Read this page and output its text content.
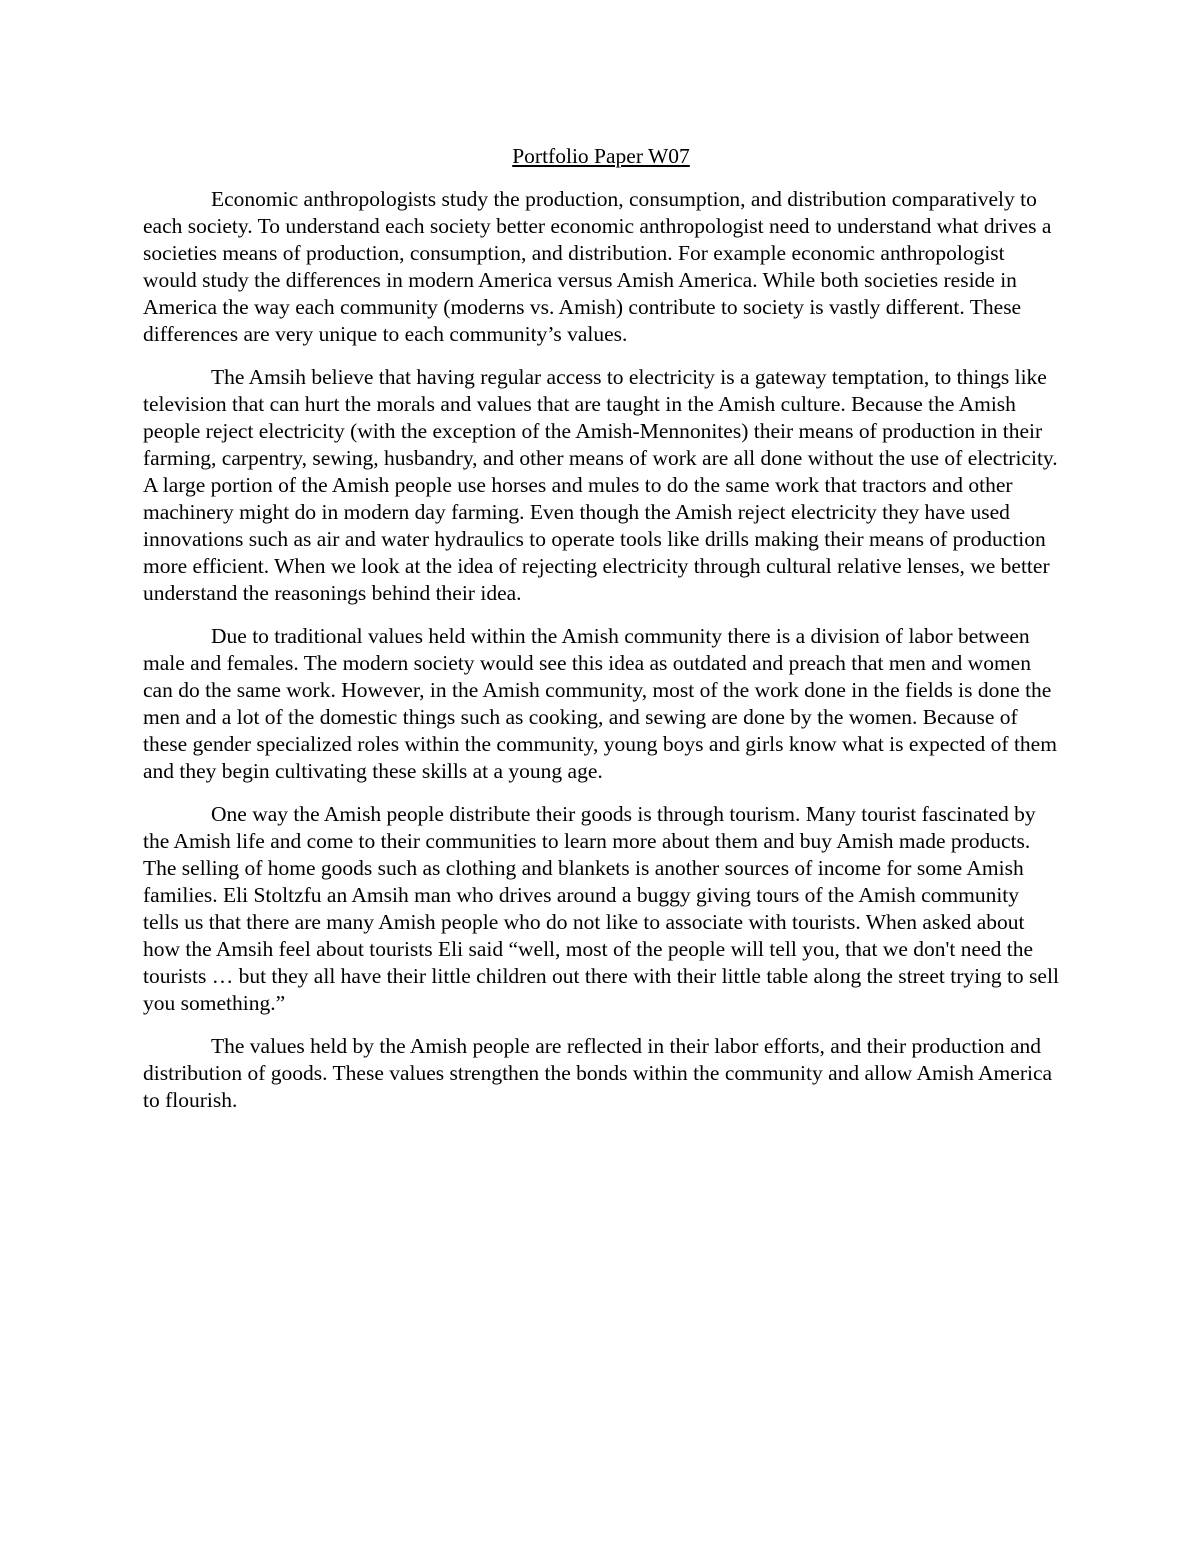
Portfolio Paper W07

Economic anthropologists study the production, consumption, and distribution comparatively to each society. To understand each society better economic anthropologist need to understand what drives a societies means of production, consumption, and distribution. For example economic anthropologist would study the differences in modern America versus Amish America. While both societies reside in America the way each community (moderns vs. Amish) contribute to society is vastly different. These differences are very unique to each community’s values.

The Amsih believe that having regular access to electricity is a gateway temptation, to things like television that can hurt the morals and values that are taught in the Amish culture. Because the Amish people reject electricity (with the exception of the Amish-Mennonites) their means of production in their farming, carpentry, sewing, husbandry, and other means of work are all done without the use of electricity. A large portion of the Amish people use horses and mules to do the same work that tractors and other machinery might do in modern day farming. Even though the Amish reject electricity they have used innovations such as air and water hydraulics to operate tools like drills making their means of production more efficient. When we look at the idea of rejecting electricity through cultural relative lenses, we better understand the reasonings behind their idea.

Due to traditional values held within the Amish community there is a division of labor between male and females. The modern society would see this idea as outdated and preach that men and women can do the same work. However, in the Amish community, most of the work done in the fields is done the men and a lot of the domestic things such as cooking, and sewing are done by the women. Because of these gender specialized roles within the community, young boys and girls know what is expected of them and they begin cultivating these skills at a young age.

One way the Amish people distribute their goods is through tourism. Many tourist fascinated by the Amish life and come to their communities to learn more about them and buy Amish made products. The selling of home goods such as clothing and blankets is another sources of income for some Amish families. Eli Stoltzfu an Amsih man who drives around a buggy giving tours of the Amish community tells us that there are many Amish people who do not like to associate with tourists. When asked about how the Amsih feel about tourists Eli said “well, most of the people will tell you, that we don't need the tourists … but they all have their little children out there with their little table along the street trying to sell you something.”

The values held by the Amish people are reflected in their labor efforts, and their production and distribution of goods. These values strengthen the bonds within the community and allow Amish America to flourish.
